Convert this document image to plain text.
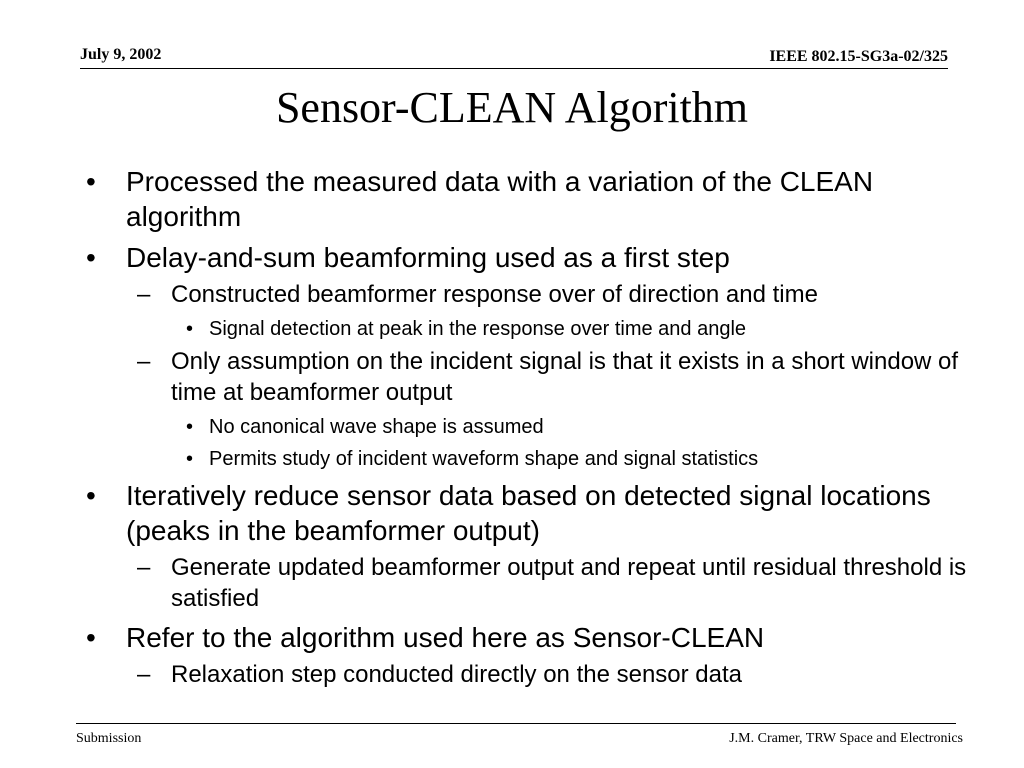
July 9, 2002	IEEE 802.15-SG3a-02/325
Sensor-CLEAN Algorithm
• Processed the measured data with a variation of the CLEAN algorithm
• Delay-and-sum beamforming used as a first step
– Constructed beamformer response over of direction and time
• Signal detection at peak in the response over time and angle
– Only assumption on the incident signal is that it exists in a short window of time at beamformer output
• No canonical wave shape is assumed
• Permits study of incident waveform shape and signal statistics
• Iteratively reduce sensor data based on detected signal locations (peaks in the beamformer output)
– Generate updated beamformer output and repeat until residual threshold is satisfied
• Refer to the algorithm used here as Sensor-CLEAN
– Relaxation step conducted directly on the sensor data
Submission	J.M. Cramer, TRW Space and Electronics
